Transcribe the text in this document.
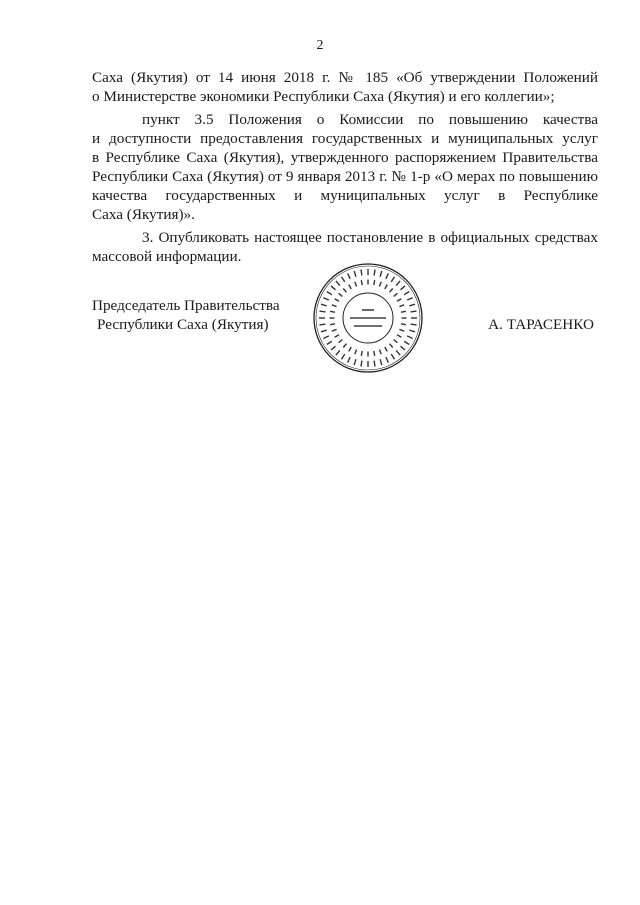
2
Саха (Якутия) от 14 июня 2018 г. № 185 «Об утверждении Положений
о Министерстве экономики Республики Саха (Якутия) и его коллегии»;
пункт 3.5 Положения о Комиссии по повышению качества
и доступности предоставления государственных и муниципальных услуг
в Республике Саха (Якутия), утвержденного распоряжением Правительства
Республики Саха (Якутия) от 9 января 2013 г. № 1-р «О мерах по повышению
качества государственных и муниципальных услуг в Республике
Саха (Якутия)».
3. Опубликовать настоящее постановление в официальных средствах
массовой информации.
Председатель Правительства
Республики Саха (Якутия)	А. ТАРАСЕНКО
